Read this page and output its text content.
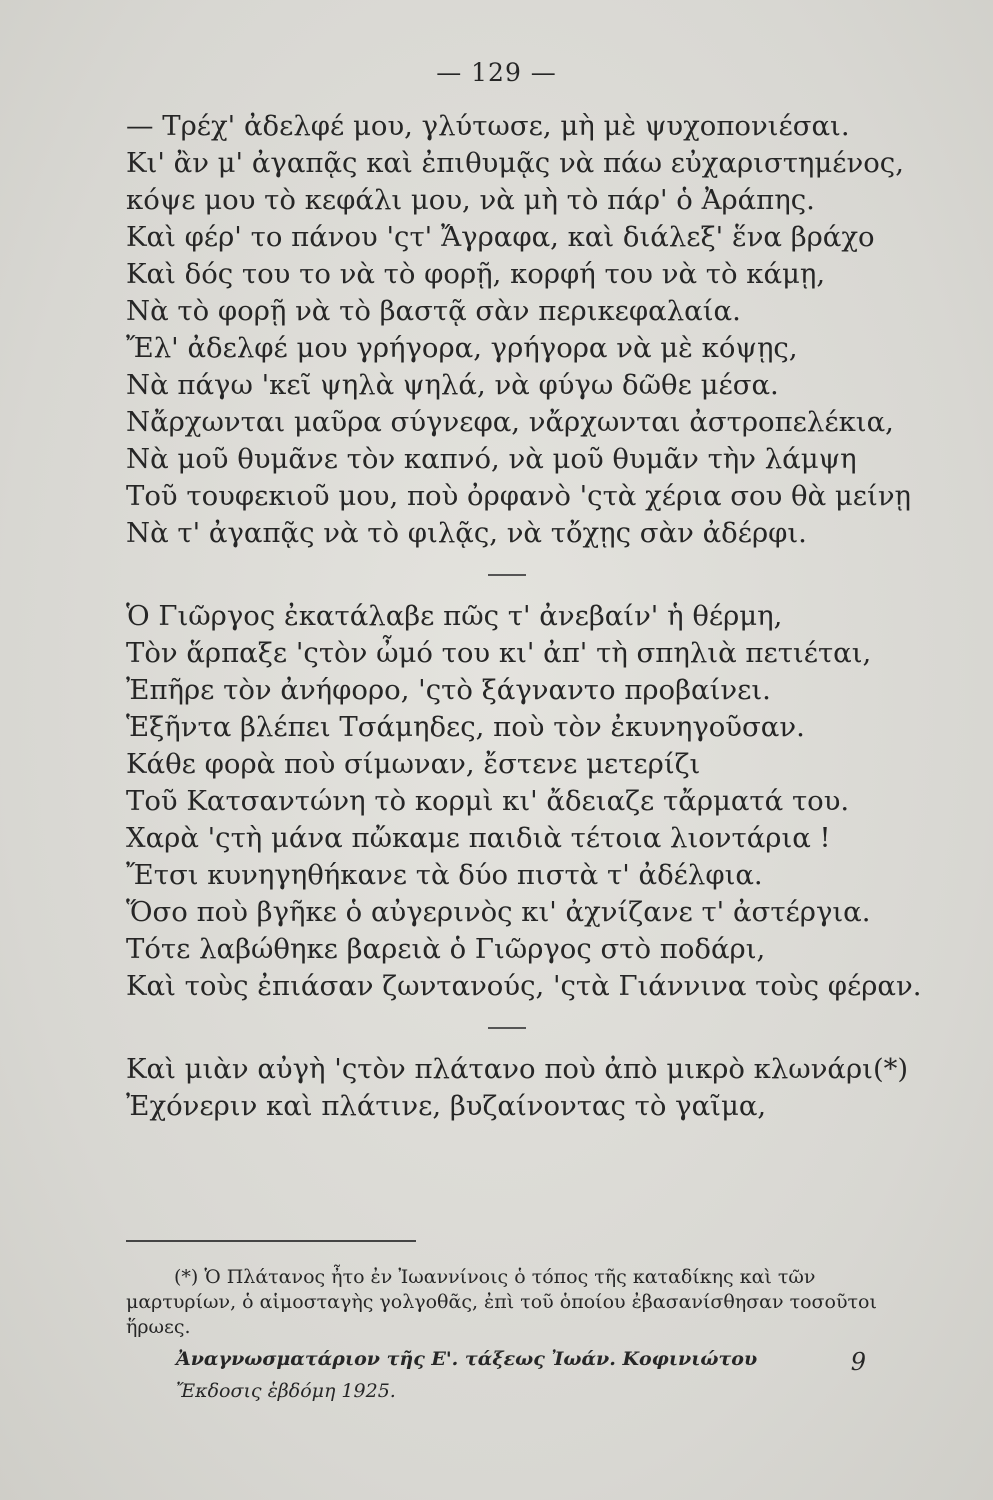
— 129 —
— Τρέχ' ἀδελφέ μου, γλύτωσε, μὴ μὲ ψυχοπονιέσαι.
Κι' ἂν μ' ἀγαπᾷς καὶ ἐπιθυμᾷς νὰ πάω εὐχαριστημένος,
κόψε μου τὸ κεφάλι μου, νὰ μὴ τὸ πάρ' ὁ Ἀράπης.
Καὶ φέρ' το πάνου 'ςτ' Ἄγραφα, καὶ διάλεξ' ἕνα βράχο
Καὶ δός του το νὰ τὸ φορῇ, κορφή του νὰ τὸ κάμῃ,
Νὰ τὸ φορῇ νὰ τὸ βαστᾷ σὰν περικεφαλαία.
Ἔλ' ἀδελφέ μου γρήγορα, γρήγορα νὰ μὲ κόψῃς,
Νὰ πάγω 'κεῖ ψηλὰ ψηλά, νὰ φύγω δῶθε μέσα.
Νἄρχωνται μαῦρα σύγνεφα, νἄρχωνται ἀστροπελέκια,
Νὰ μοῦ θυμᾶνε τὸν καπνό, νὰ μοῦ θυμᾶν τὴν λάμψη
Τοῦ τουφεκιοῦ μου, ποὺ ὀρφανὸ 'ςτὰ χέρια σου θὰ μείνῃ
Νὰ τ' ἀγαπᾷς νὰ τὸ φιλᾷς, νὰ τὄχῃς σὰν ἀδέρφι.
Ὁ Γιῶργος ἐκατάλαβε πῶς τ' ἀνεβαίν' ἡ θέρμη,
Τὸν ἅρπαξε 'ςτὸν ὦμό του κι' ἀπ' τὴ σπηλιὰ πετιέται,
Ἐπῆρε τὸν ἀνήφορο, 'ςτὸ ξάγναντο προβαίνει.
Ἑξῆντα βλέπει Τσάμηδες, ποὺ τὸν ἐκυνηγοῦσαν.
Κάθε φορὰ ποὺ σίμωναν, ἔστενε μετερίζι
Τοῦ Κατσαντώνη τὸ κορμὶ κι' ἄδειαζε τἄρματά του.
Χαρὰ 'ςτὴ μάνα πὤκαμε παιδιὰ τέτοια λιοντάρια !
Ἔτσι κυνηγηθήκανε τὰ δύο πιστὰ τ' ἀδέλφια.
Ὅσο ποὺ βγῆκε ὁ αὐγερινὸς κι' ἀχνίζανε τ' ἀστέργια.
Τότε λαβώθηκε βαρειὰ ὁ Γιῶργος στὸ ποδάρι,
Καὶ τοὺς ἐπιάσαν ζωντανούς, 'ςτὰ Γιάννινα τοὺς φέραν.
Καὶ μιὰν αὐγὴ 'ςτὸν πλάτανο ποὺ ἀπὸ μικρὸ κλωνάρι(*)
Ἐχόνεριν καὶ πλάτινε, βυζαίνοντας τὸ γαῖμα,
(*) Ὁ Πλάτανος ἦτο ἐν Ἰωαννίνοις ὁ τόπος τῆς καταδίκης καὶ τῶν μαρτυρίων, ὁ αἱμοσταγὴς γολγοθᾶς, ἐπὶ τοῦ ὁποίου ἐβασανίσθησαν τοσοῦτοι ἥρωες.
Ἀναγνωσματάριον τῆς Ε'. τάξεως Ἰωάν. Κοφινιώτου	9
Ἔκδοσις ἑβδόμη 1925.
